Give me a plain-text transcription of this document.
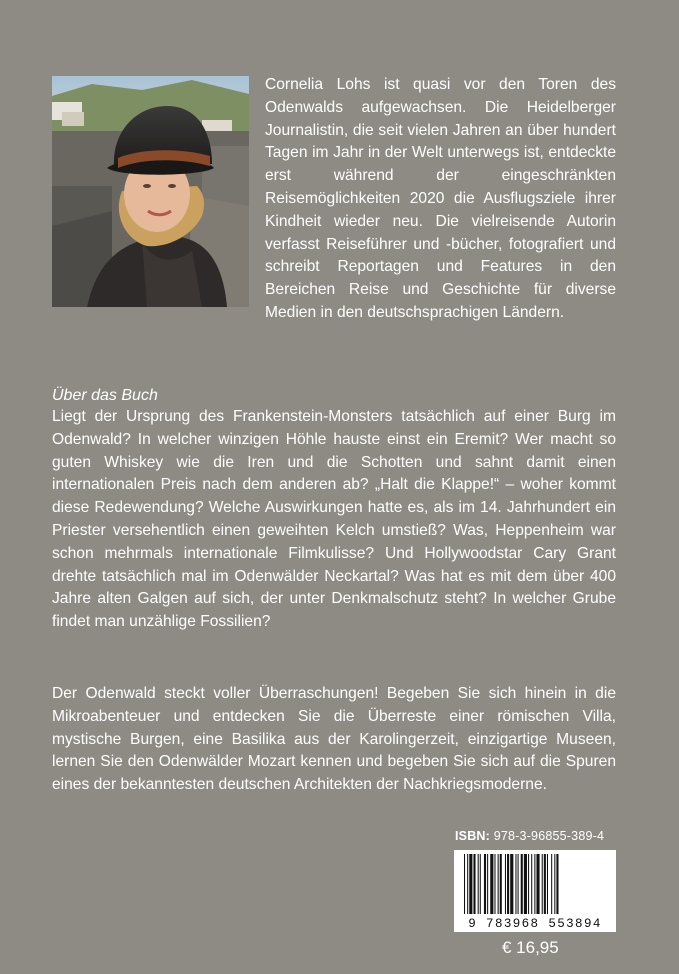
Cornelia Lohs ist quasi vor den Toren des Odenwalds aufgewachsen. Die Heidelberger Journalistin, die seit vielen Jahren an über hundert Tagen im Jahr in der Welt unterwegs ist, entdeckte erst während der eingeschränkten Reisemöglichkeiten 2020 die Ausflugsziele ihrer Kindheit wieder neu. Die vielreisende Autorin verfasst Reiseführer und -bücher, fotografiert und schreibt Reportagen und Features in den Bereichen Reise und Geschichte für diverse Medien in den deutschsprachigen Ländern.

Über das Buch

Liegt der Ursprung des Frankenstein-Monsters tatsächlich auf einer Burg im Odenwald? In welcher winzigen Höhle hauste einst ein Eremit? Wer macht so guten Whiskey wie die Iren und die Schotten und sahnt damit einen internationalen Preis nach dem anderen ab? „Halt die Klappe!“ – woher kommt diese Redewendung? Welche Auswirkungen hatte es, als im 14. Jahrhundert ein Priester versehentlich einen geweihten Kelch umstieß? Was, Heppenheim war schon mehrmals internationale Filmkulisse? Und Hollywoodstar Cary Grant drehte tatsächlich mal im Odenwälder Neckartal? Was hat es mit dem über 400 Jahre alten Galgen auf sich, der unter Denkmalschutz steht? In welcher Grube findet man unzählige Fossilien?

Der Odenwald steckt voller Überraschungen! Begeben Sie sich hinein in die Mikroabenteuer und entdecken Sie die Überreste einer römischen Villa, mystische Burgen, eine Basilika aus der Karolingerzeit, einzigartige Museen, lernen Sie den Odenwälder Mozart kennen und begeben Sie sich auf die Spuren eines der bekanntesten deutschen Architekten der Nachkriegsmoderne.

ISBN: 978-3-96855-389-4
9 783968 553894
€ 16,95
